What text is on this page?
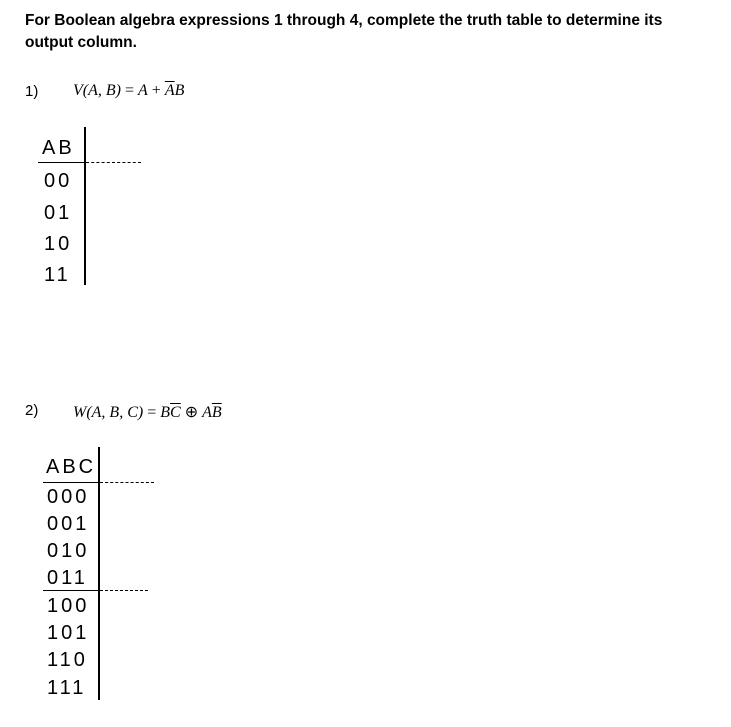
For Boolean algebra expressions 1 through 4, complete the truth table to determine its
output column.
1) V(A, $B) = A + \overline{A}B$
AB
00
01
10
11
2) W(A, B, $C) = B\overline{C}$ ⊕ $A\overline{B}$
ABC
000
001
010
011
100
101
110
111
